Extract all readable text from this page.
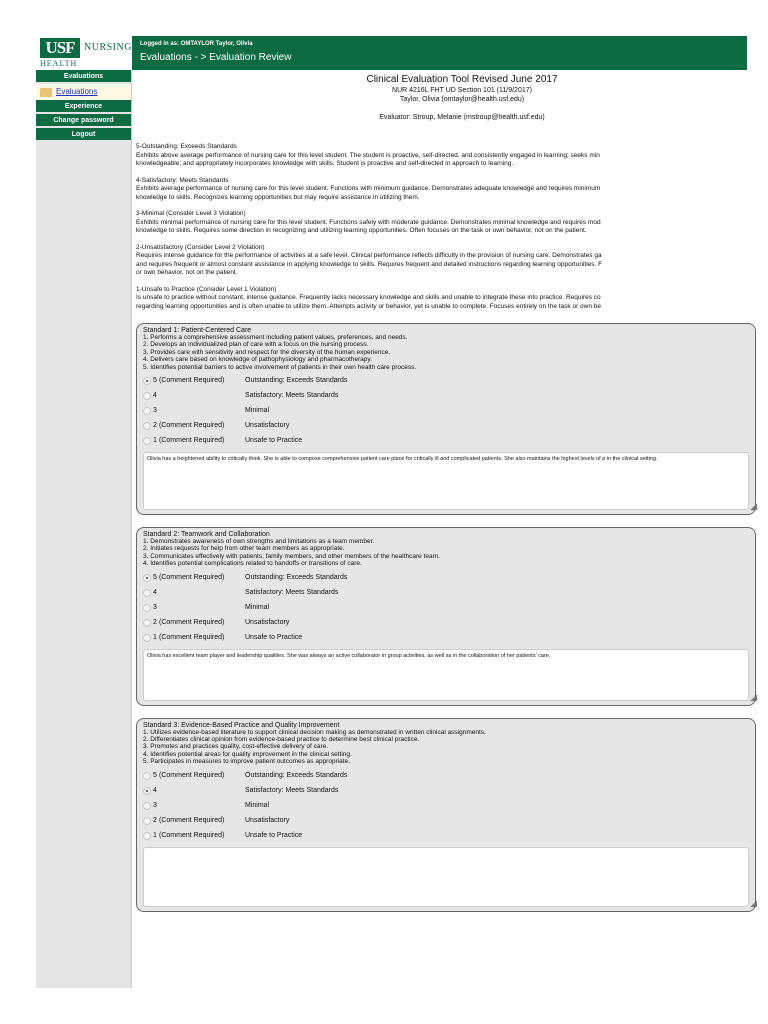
USF NURSING
HEALTH
Logged in as: OMTAYLOR Taylor, Olivia
Evaluations - > Evaluation Review
Evaluations
Evaluations
Experience
Change password
Logout
Clinical Evaluation Tool Revised June 2017
NUR 4216L FHT UD Section 101 (11/9/2017)
Taylor, Olivia (omtaylor@health.usf.edu)
Evaluator: Stroup, Melanie (mstroup@health.usf.edu)
5-Outstanding: Exceeds Standards
Exhibits above average performance of nursing care for this level student. The student is proactive, self-directed, and consistently engaged in learning; seeks min
knowledgeable; and appropriately incorporates knowledge with skills. Student is proactive and self-directed in approach to learning.
4-Satisfactory: Meets Standards
Exhibits average performance of nursing care for this level student. Functions with minimum guidance. Demonstrates adequate knowledge and requires minimum
knowledge to skills. Recognizes learning opportunities but may require assistance in utilizing them.
3-Minimal (Consider Level 3 Violation)
Exhibits minimal performance of nursing care for this level student. Functions safely with moderate guidance. Demonstrates minimal knowledge and requires mod
knowledge to skills. Requires some direction in recognizing and utilizing learning opportunities. Often focuses on the task or own behavior, not on the patient.
2-Unsatisfactory (Consider Level 2 Violation)
Requires intense guidance for the performance of activities at a safe level. Clinical performance reflects difficulty in the provision of nursing care. Demonstrates ga
and requires frequent or almost constant assistance in applying knowledge to skills. Requires frequent and detailed instructions regarding learning opportunities. F
or own behavior, not on the patient.
1-Unsafe to Practice (Consider Level 1 Violation)
Is unsafe to practice without constant, intense guidance. Frequently lacks necessary knowledge and skills and unable to integrate these into practice. Requires co
regarding learning opportunities and is often unable to utilize them. Attempts activity or behavior, yet is unable to complete. Focuses entirely on the task or own be
Standard 1: Patient-Centered Care
1. Performs a comprehensive assessment including patient values, preferences, and needs.
2. Develops an individualized plan of care with a focus on the nursing process.
3. Provides care with sensitivity and respect for the diversity of the human experience.
4. Delivers care based on knowledge of pathophysiology and pharmacotherapy.
5. Identifies potential barriers to active involvement of patients in their own health care process.
5 (Comment Required)	Outstanding: Exceeds Standards
4	Satisfactory: Meets Standards
3	Minimal
2 (Comment Required)	Unsatisfactory
1 (Comment Required)	Unsafe to Practice
Olivia has a heightened ability to critically think. She is able to compose comprehensive patient care plans for critically ill and complicated patients. She also maintains the highest levels of p in the clinical setting.
◢
Standard 2: Teamwork and Collaboration
1. Demonstrates awareness of own strengths and limitations as a team member.
2. Initiates requests for help from other team members as appropriate.
3. Communicates effectively with patients, family members, and other members of the healthcare team.
4. Identifies potential complications related to handoffs or transitions of care.
5 (Comment Required)	Outstanding: Exceeds Standards
4	Satisfactory: Meets Standards
3	Minimal
2 (Comment Required)	Unsatisfactory
1 (Comment Required)	Unsafe to Practice
Olivia has excellent team player and leadership qualities. She was always an active collaborator in group activities, as well as in the collaboration of her patients' care.
◢
Standard 3: Evidence-Based Practice and Quality Improvement
1. Utilizes evidence-based literature to support clinical decision making as demonstrated in written clinical assignments.
2. Differentiates clinical opinion from evidence-based practice to determine best clinical practice.
3. Promotes and practices quality, cost-effective delivery of care.
4. Identifies potential areas for quality improvement in the clinical setting.
5. Participates in measures to improve patient outcomes as appropriate.
5 (Comment Required)	Outstanding: Exceeds Standards
4	Satisfactory: Meets Standards
3	Minimal
2 (Comment Required)	Unsatisfactory
1 (Comment Required)	Unsafe to Practice
◢
